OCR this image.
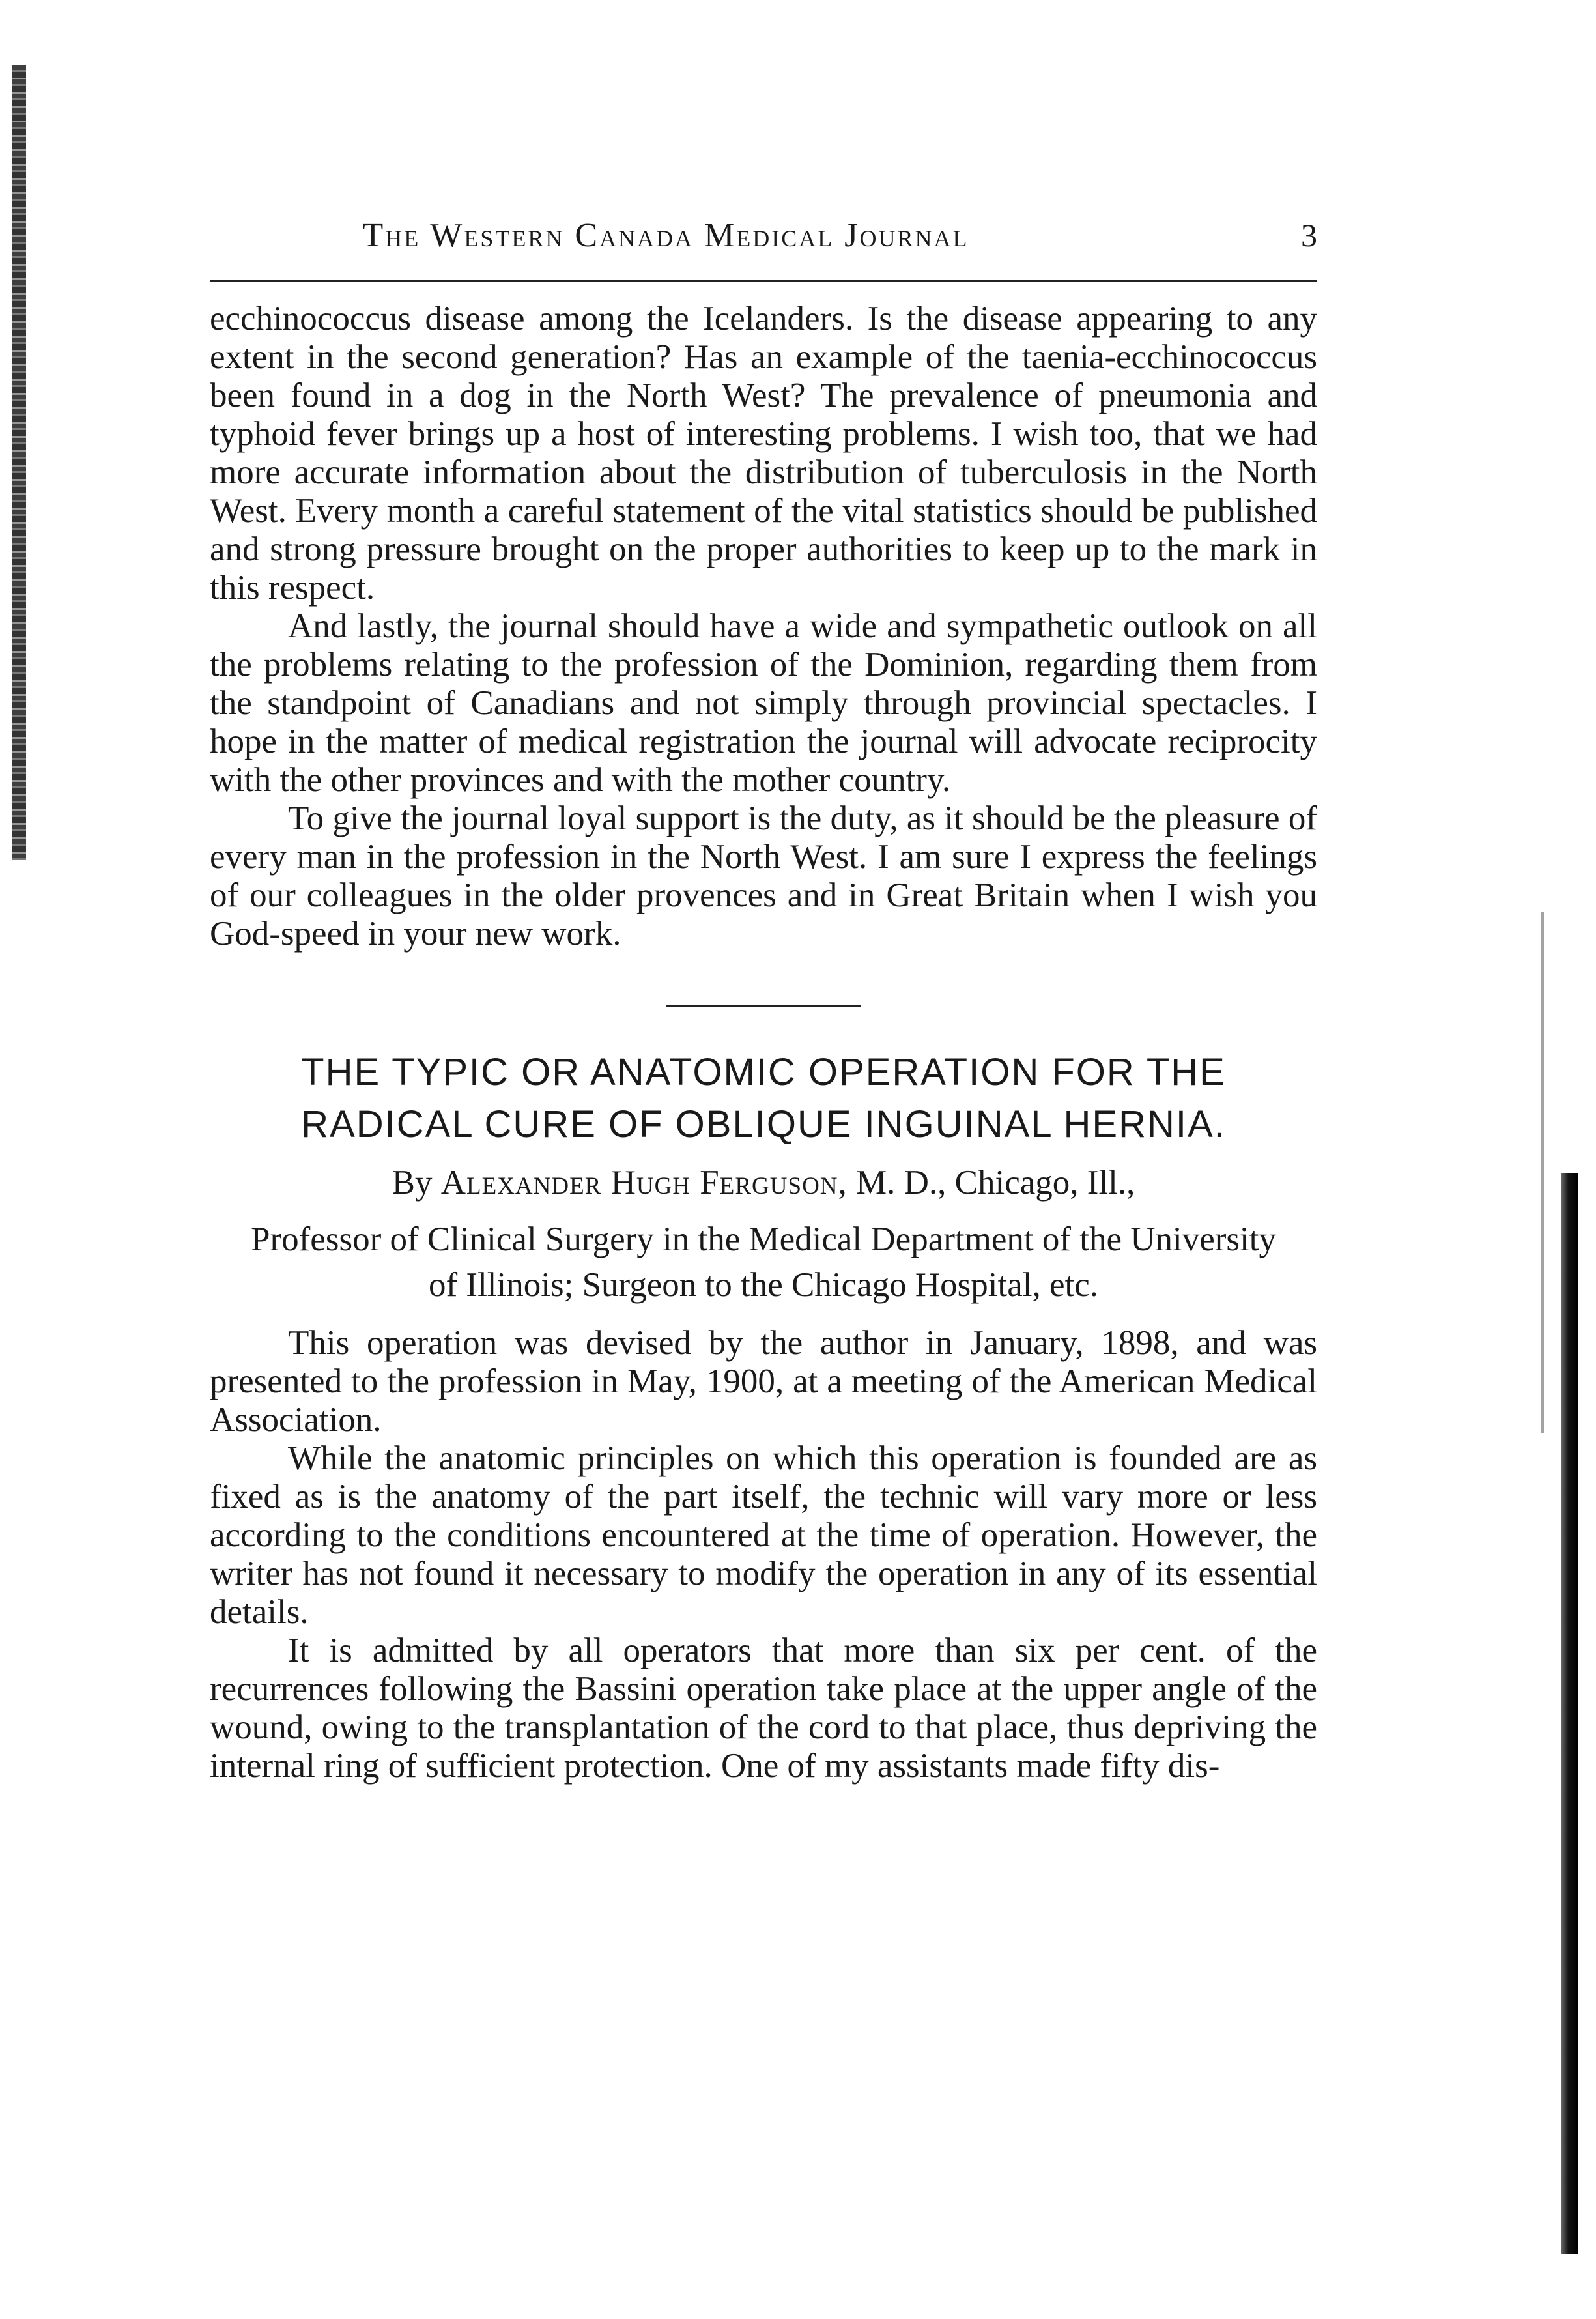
The Western Canada Medical Journal	3

ecchinococcus disease among the Icelanders. Is the disease appearing to any extent in the second generation? Has an example of the taenia-ecchinococcus been found in a dog in the North West? The prevalence of pneumonia and typhoid fever brings up a host of interesting problems. I wish too, that we had more accurate information about the distribution of tuberculosis in the North West. Every month a careful statement of the vital statistics should be published and strong pressure brought on the proper authorities to keep up to the mark in this respect.

And lastly, the journal should have a wide and sympathetic outlook on all the problems relating to the profession of the Dominion, regarding them from the standpoint of Canadians and not simply through provincial spectacles. I hope in the matter of medical registration the journal will advocate reciprocity with the other provinces and with the mother country.

To give the journal loyal support is the duty, as it should be the pleasure of every man in the profession in the North West. I am sure I express the feelings of our colleagues in the older provences and in Great Britain when I wish you God-speed in your new work.

THE TYPIC OR ANATOMIC OPERATION FOR THE RADICAL CURE OF OBLIQUE INGUINAL HERNIA.
By Alexander Hugh Ferguson, M. D., Chicago, Ill.,
Professor of Clinical Surgery in the Medical Department of the University of Illinois; Surgeon to the Chicago Hospital, etc.

This operation was devised by the author in January, 1898, and was presented to the profession in May, 1900, at a meeting of the American Medical Association.

While the anatomic principles on which this operation is founded are as fixed as is the anatomy of the part itself, the technic will vary more or less according to the conditions encountered at the time of operation. However, the writer has not found it necessary to modify the operation in any of its essential details.

It is admitted by all operators that more than six per cent. of the recurrences following the Bassini operation take place at the upper angle of the wound, owing to the transplantation of the cord to that place, thus depriving the internal ring of sufficient protection. One of my assistants made fifty dis-
